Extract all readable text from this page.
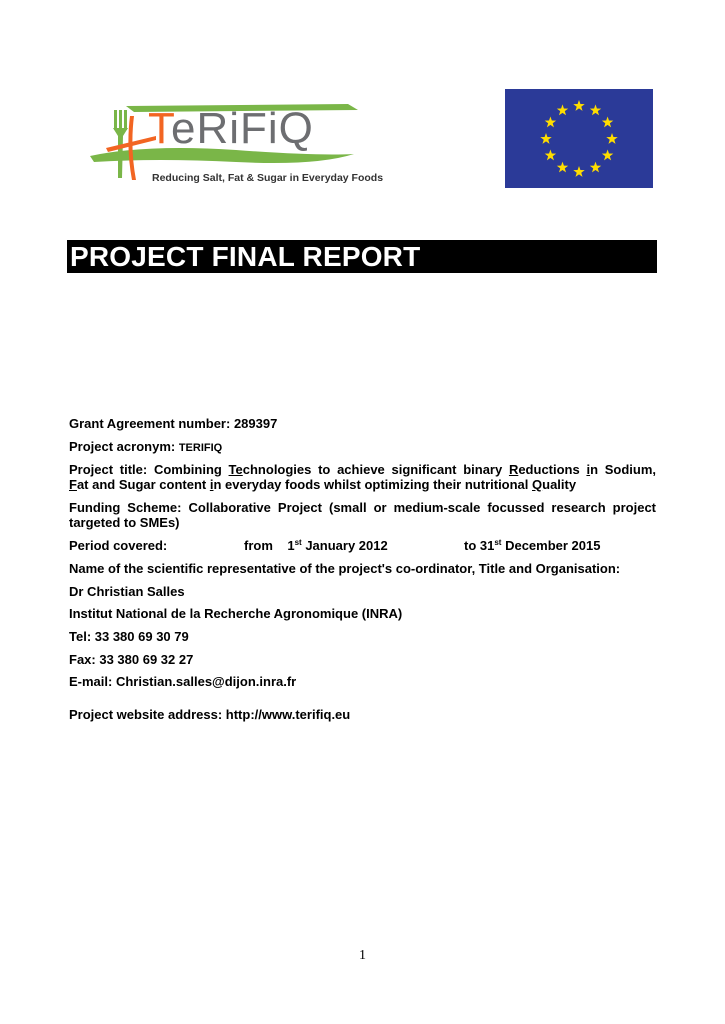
TeRiFiQ
Reducing Salt, Fat & Sugar in Everyday Foods
PROJECT FINAL REPORT
Grant Agreement number: 289397
Project acronym: TERIFIQ
Project title: Combining Technologies to achieve significant binary Reductions in Sodium,
Fat and Sugar content in everyday foods whilst optimizing their nutritional Quality
Funding Scheme: Collaborative Project (small or medium-scale focussed research project targeted to SMEs)
Period covered:	from 1st January 2012	to 31st December 2015
Name of the scientific representative of the project's co-ordinator, Title and Organisation:
Dr Christian Salles
Institut National de la Recherche Agronomique (INRA)
Tel: 33 380 69 30 79
Fax: 33 380 69 32 27
E-mail: Christian.salles@dijon.inra.fr
Project website address: http://www.terifiq.eu
1
